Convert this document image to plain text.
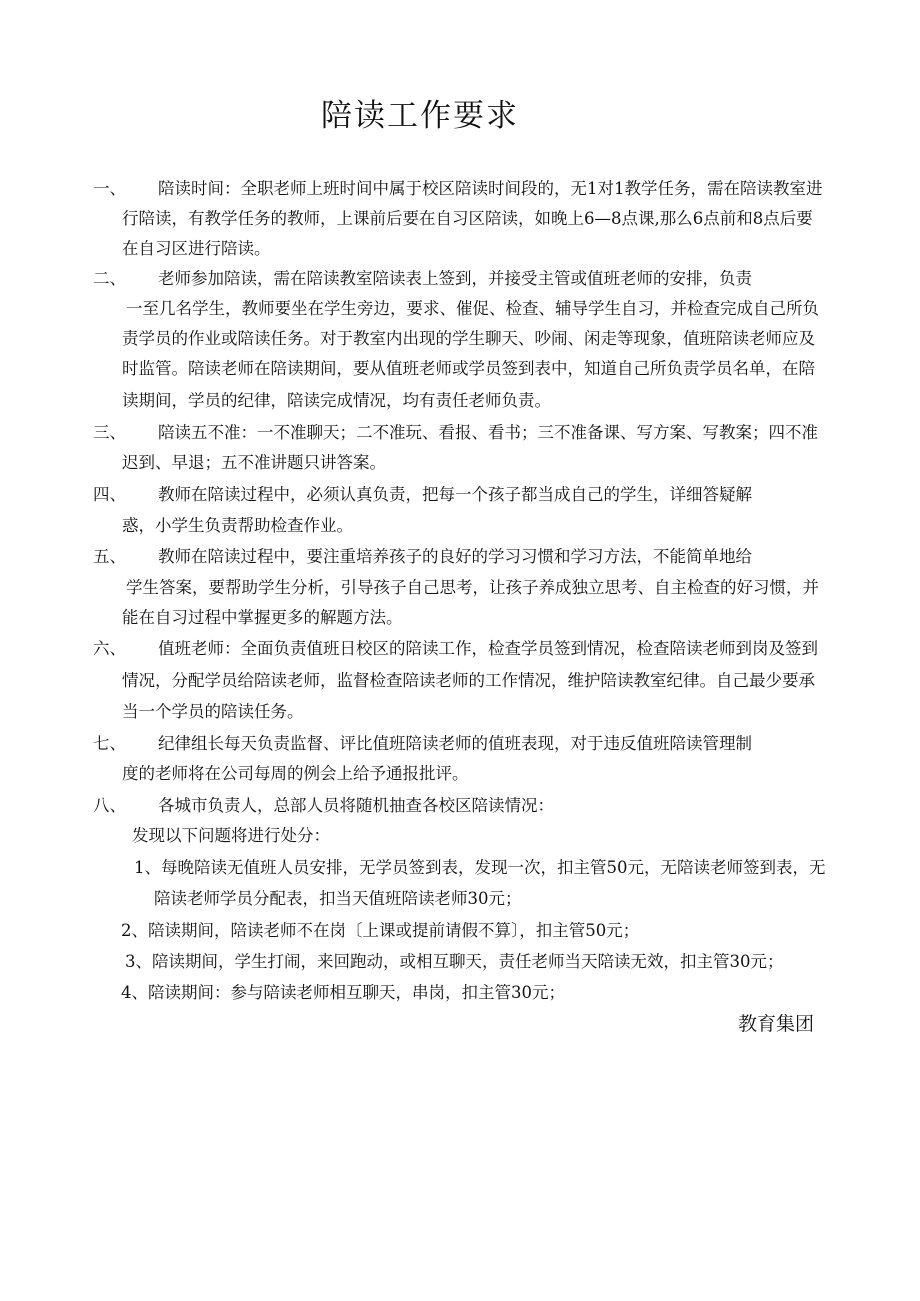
陪读工作要求
一、 陪读时间：全职老师上班时间中属于校区陪读时间段的，无1对1教学任务，需在陪读教室进
行陪读，有教学任务的教师，上课前后要在自习区陪读，如晚上6—8点课,那么6点前和8点后要
在自习区进行陪读。
二、 老师参加陪读，需在陪读教室陪读表上签到，并接受主管或值班老师的安排，负责
一至几名学生，教师要坐在学生旁边，要求、催促、检查、辅导学生自习，并检查完成自己所负
责学员的作业或陪读任务。对于教室内出现的学生聊天、吵闹、闲走等现象，值班陪读老师应及
时监管。陪读老师在陪读期间，要从值班老师或学员签到表中，知道自己所负责学员名单，在陪
读期间，学员的纪律，陪读完成情况，均有责任老师负责。
三、 陪读五不准：一不准聊天；二不准玩、看报、看书；三不准备课、写方案、写教案；四不准
迟到、早退；五不准讲题只讲答案。
四、 教师在陪读过程中，必须认真负责，把每一个孩子都当成自己的学生，详细答疑解
惑，小学生负责帮助检查作业。
五、 教师在陪读过程中，要注重培养孩子的良好的学习习惯和学习方法，不能简单地给
学生答案，要帮助学生分析，引导孩子自己思考，让孩子养成独立思考、自主检查的好习惯，并
能在自习过程中掌握更多的解题方法。
六、 值班老师：全面负责值班日校区的陪读工作，检查学员签到情况，检查陪读老师到岗及签到
情况，分配学员给陪读老师，监督检查陪读老师的工作情况，维护陪读教室纪律。自己最少要承
当一个学员的陪读任务。
七、 纪律组长每天负责监督、评比值班陪读老师的值班表现，对于违反值班陪读管理制
度的老师将在公司每周的例会上给予通报批评。
八、 各城市负责人，总部人员将随机抽查各校区陪读情况：
发现以下问题将进行处分：
1、每晚陪读无值班人员安排，无学员签到表，发现一次，扣主管50元，无陪读老师签到表，无
陪读老师学员分配表，扣当天值班陪读老师30元；
2、陪读期间，陪读老师不在岗〔上课或提前请假不算〕，扣主管50元；
3、陪读期间，学生打闹，来回跑动，或相互聊天，责任老师当天陪读无效，扣主管30元；
4、陪读期间：参与陪读老师相互聊天，串岗，扣主管30元；
教育集团
